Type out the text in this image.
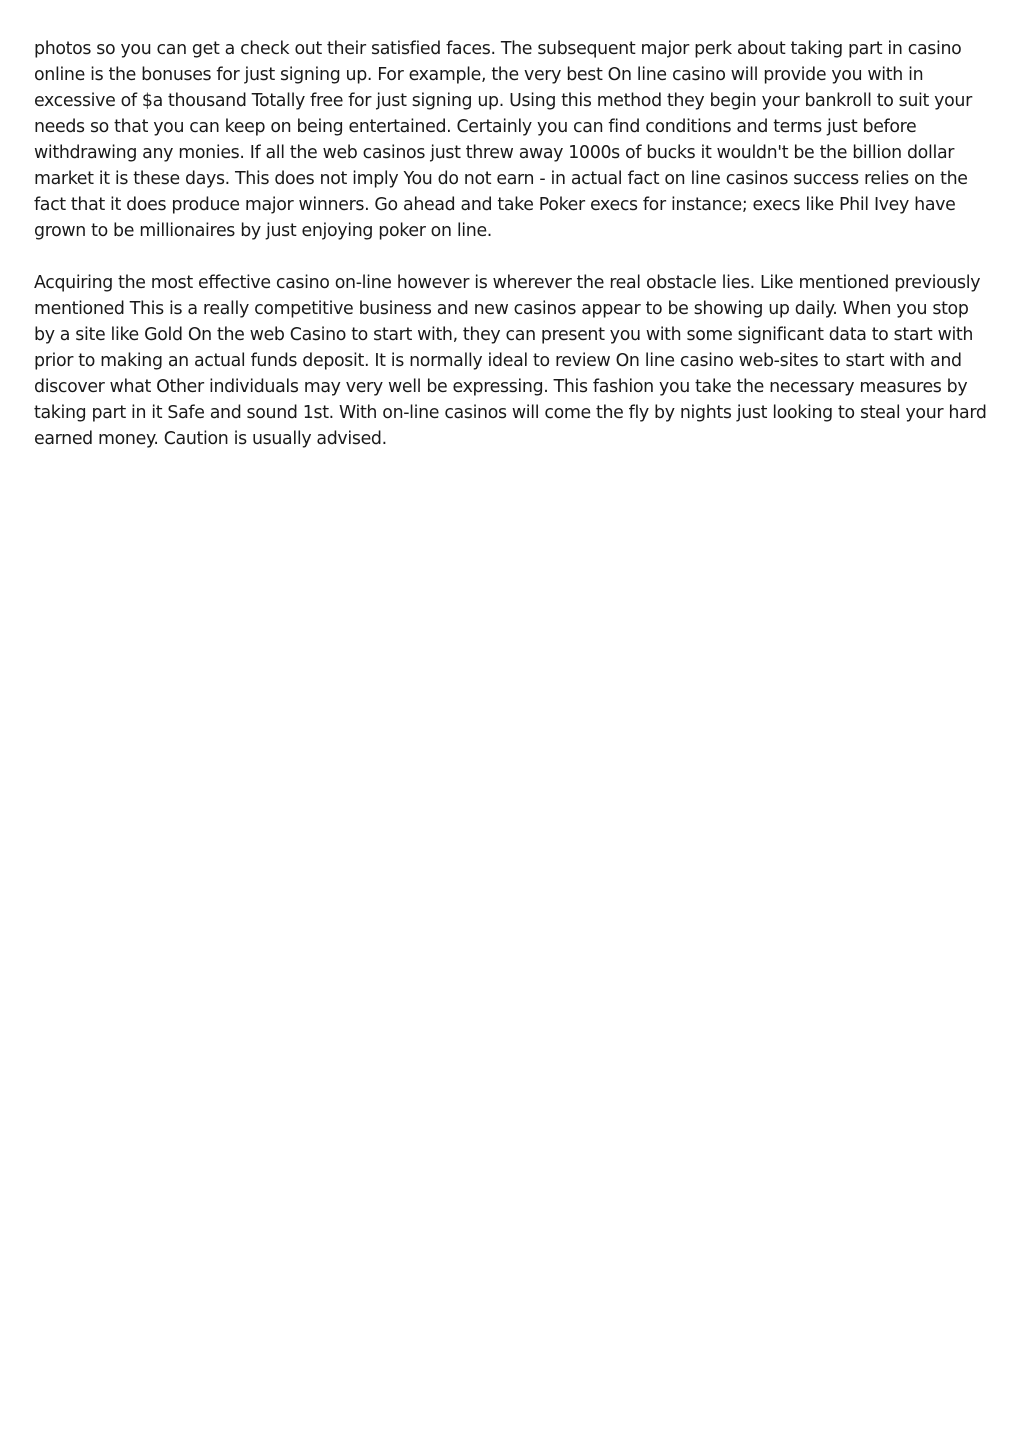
photos so you can get a check out their satisfied faces. The subsequent major perk about taking part in casino online is the bonuses for just signing up. For example, the very best On line casino will provide you with in excessive of $a thousand Totally free for just signing up. Using this method they begin your bankroll to suit your needs so that you can keep on being entertained. Certainly you can find conditions and terms just before withdrawing any monies. If all the web casinos just threw away 1000s of bucks it wouldn't be the billion dollar market it is these days. This does not imply You do not earn - in actual fact on line casinos success relies on the fact that it does produce major winners. Go ahead and take Poker execs for instance; execs like Phil Ivey have grown to be millionaires by just enjoying poker on line.

Acquiring the most effective casino on-line however is wherever the real obstacle lies. Like mentioned previously mentioned This is a really competitive business and new casinos appear to be showing up daily. When you stop by a site like Gold On the web Casino to start with, they can present you with some significant data to start with prior to making an actual funds deposit. It is normally ideal to review On line casino web-sites to start with and discover what Other individuals may very well be expressing. This fashion you take the necessary measures by taking part in it Safe and sound 1st. With on-line casinos will come the fly by nights just looking to steal your hard earned money. Caution is usually advised.
